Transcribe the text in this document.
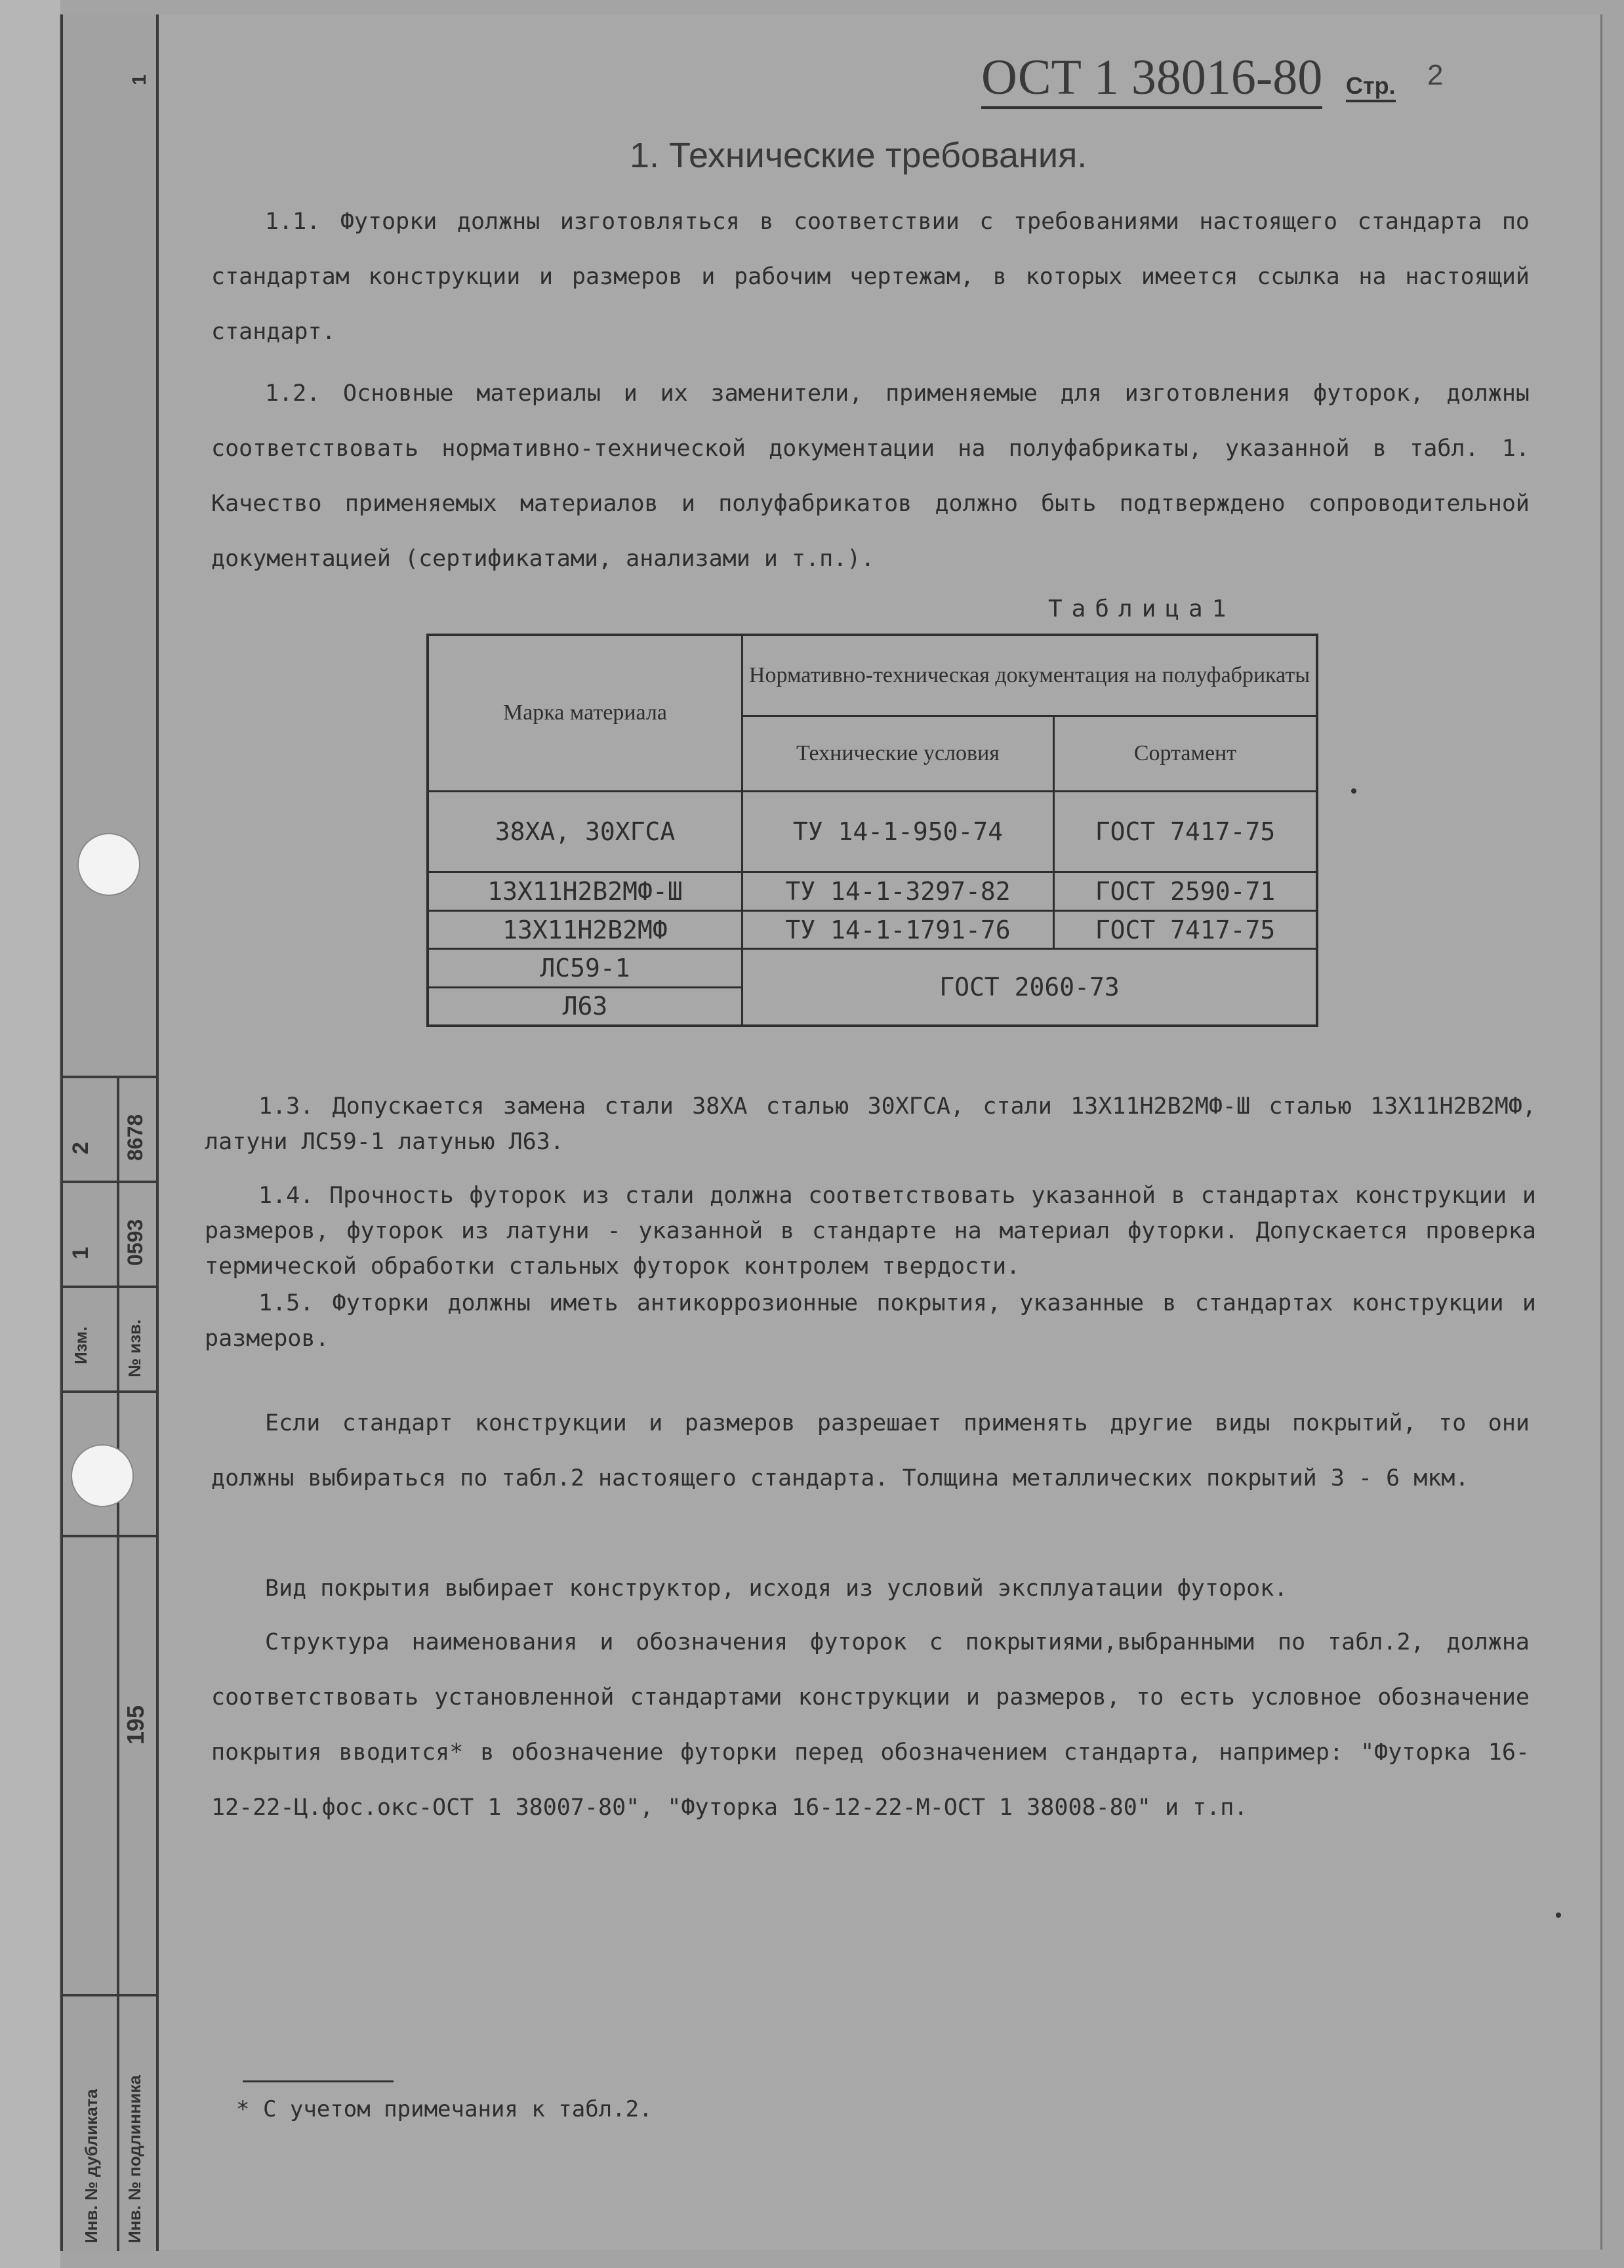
2
1
Изм.
8678
0593
№ изв.
195
Инв. № дубликата Инв. № подлинника
1	ОСТ 1 38016-80 Стр. 2
1. Технические требования.

1.1. Футорки должны изготовляться в соответствии с требованиями настоящего стандарта по стандартам конструкции и размеров и рабочим чертежам, в которых имеется ссылка на настоящий стандарт.

1.2. Основные материалы и их заменители, применяемые для изготовления футорок, должны соответствовать нормативно-технической документации на полуфабрикаты, указанной в табл. 1. Качество применяемых материалов и полуфабрикатов должно быть подтверждено сопроводительной документацией (сертификатами, анализами и т.п.).

Таблица1
Марка материала	Нормативно-техническая документация на полуфабрикаты	
	Технические условия	Сортамент
38ХА, 30ХГСА	ТУ 14-1-950-74	ГОСТ 7417-75
13Х11Н2В2МФ-Ш	ТУ 14-1-3297-82	ГОСТ 2590-71
13Х11Н2В2МФ	ТУ 14-1-1791-76	ГОСТ 7417-75
ЛС59-1	ГОСТ 2060-73	
Л63		

1.3. Допускается замена стали 38ХА сталью 30ХГСА, стали 13Х11Н2В2МФ-Ш сталью 13Х11Н2В2МФ, латуни ЛС59-1 латунью Л63.

1.4. Прочность футорок из стали должна соответствовать указанной в стандартах конструкции и размеров, футорок из латуни - указанной в стандарте на материал футорки. Допускается проверка термической обработки стальных футорок контролем твердости.

1.5. Футорки должны иметь антикоррозионные покрытия, указанные в стандартах конструкции и размеров.

Если стандарт конструкции и размеров разрешает применять другие виды покрытий, то они должны выбираться по табл.2 настоящего стандарта. Толщина металлических покрытий 3 - 6 мкм.

Вид покрытия выбирает конструктор, исходя из условий эксплуатации футорок.

Структура наименования и обозначения футорок с покрытиями,выбранными по табл.2, должна соответствовать установленной стандартами конструкции и размеров, то есть условное обозначение покрытия вводится* в обозначение футорки перед обозначением стандарта, например: "Футорка 16-12-22-Ц.фос.окс-ОСТ 1 38007-80", "Футорка 16-12-22-М-ОСТ 1 38008-80" и т.п.

* С учетом примечания к табл.2.
